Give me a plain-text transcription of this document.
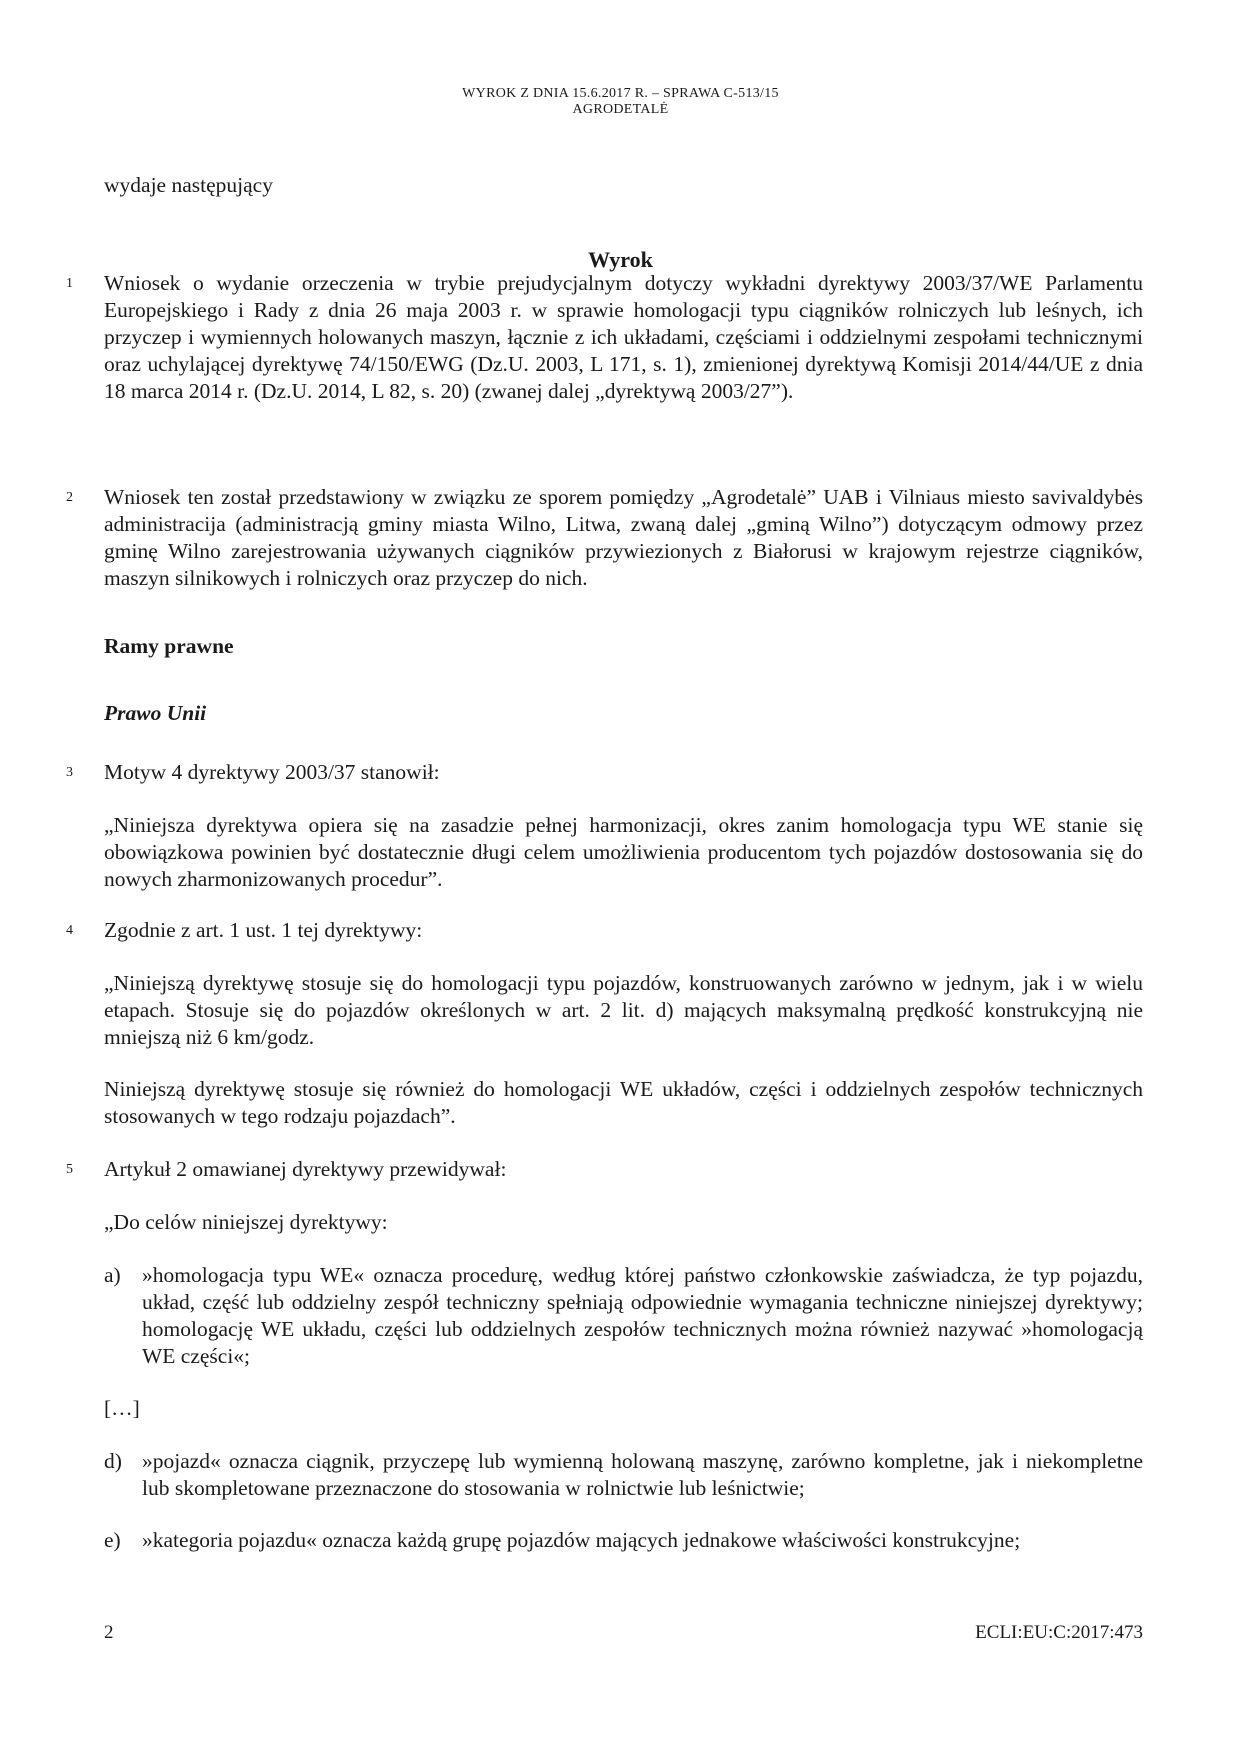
WYROK Z DNIA 15.6.2017 R. – SPRAWA C-513/15
AGRODETALĖ
wydaje następujący
Wyrok
1 Wniosek o wydanie orzeczenia w trybie prejudycjalnym dotyczy wykładni dyrektywy 2003/37/WE Parlamentu Europejskiego i Rady z dnia 26 maja 2003 r. w sprawie homologacji typu ciągników rolniczych lub leśnych, ich przyczep i wymiennych holowanych maszyn, łącznie z ich układami, częściami i oddzielnymi zespołami technicznymi oraz uchylającej dyrektywę 74/150/EWG (Dz.U. 2003, L 171, s. 1), zmienionej dyrektywą Komisji 2014/44/UE z dnia 18 marca 2014 r. (Dz.U. 2014, L 82, s. 20) (zwanej dalej „dyrektywą 2003/27”).
2 Wniosek ten został przedstawiony w związku ze sporem pomiędzy „Agrodetalė” UAB i Vilniaus miesto savivaldybės administracija (administracją gminy miasta Wilno, Litwa, zwaną dalej „gminą Wilno”) dotyczącym odmowy przez gminę Wilno zarejestrowania używanych ciągników przywiezionych z Białorusi w krajowym rejestrze ciągników, maszyn silnikowych i rolniczych oraz przyczep do nich.
Ramy prawne
Prawo Unii
3 Motyw 4 dyrektywy 2003/37 stanowił:
„Niniejsza dyrektywa opiera się na zasadzie pełnej harmonizacji, okres zanim homologacja typu WE stanie się obowiązkowa powinien być dostatecznie długi celem umożliwienia producentom tych pojazdów dostosowania się do nowych zharmonizowanych procedur”.
4 Zgodnie z art. 1 ust. 1 tej dyrektywy:
„Niniejszą dyrektywę stosuje się do homologacji typu pojazdów, konstruowanych zarówno w jednym, jak i w wielu etapach. Stosuje się do pojazdów określonych w art. 2 lit. d) mających maksymalną prędkość konstrukcyjną nie mniejszą niż 6 km/godz.
Niniejszą dyrektywę stosuje się również do homologacji WE układów, części i oddzielnych zespołów technicznych stosowanych w tego rodzaju pojazdach”.
5 Artykuł 2 omawianej dyrektywy przewidywał:
„Do celów niniejszej dyrektywy:
a) »homologacja typu WE« oznacza procedurę, według której państwo członkowskie zaświadcza, że typ pojazdu, układ, część lub oddzielny zespół techniczny spełniają odpowiednie wymagania techniczne niniejszej dyrektywy; homologację WE układu, części lub oddzielnych zespołów technicznych można również nazywać »homologacją WE części«;
[…]
d) »pojazd« oznacza ciągnik, przyczepę lub wymienną holowaną maszynę, zarówno kompletne, jak i niekompletne lub skompletowane przeznaczone do stosowania w rolnictwie lub leśnictwie;
e) »kategoria pojazdu« oznacza każdą grupę pojazdów mających jednakowe właściwości konstrukcyjne;
2	ECLI:EU:C:2017:473
